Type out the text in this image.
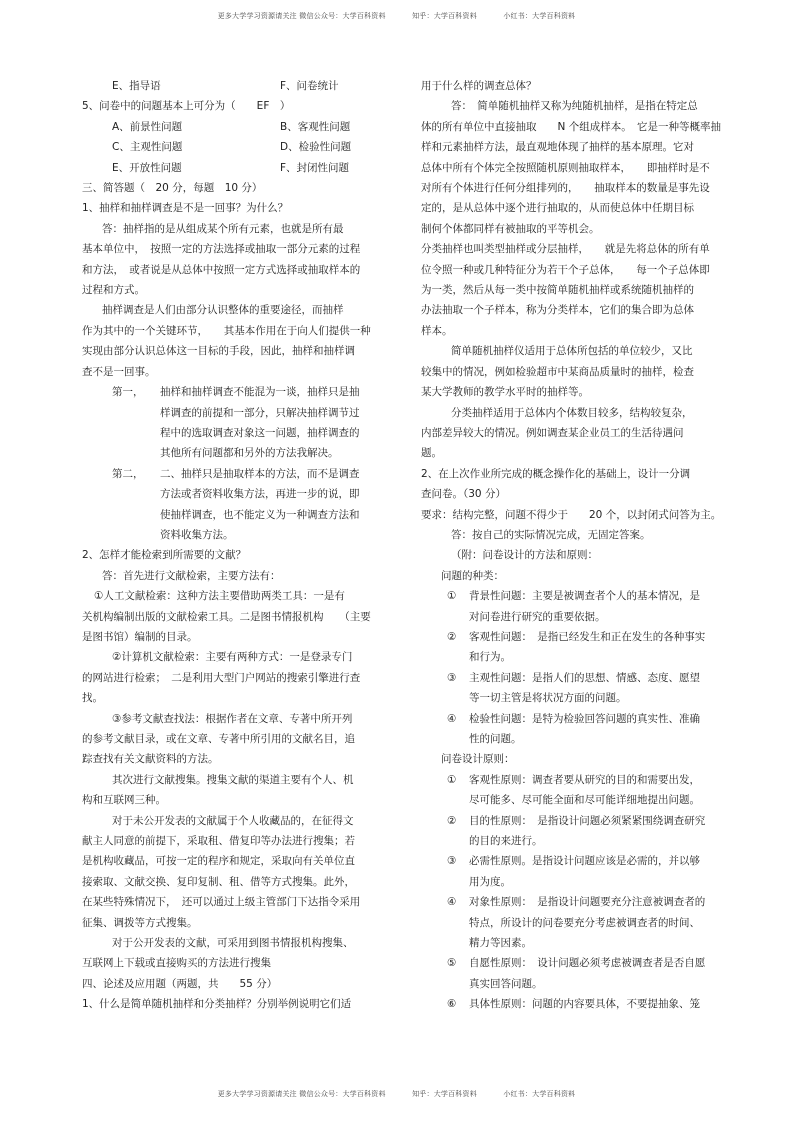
更多大学学习资源请关注 微信公众号：大学百科资料	知乎：大学百科资料	小红书：大学百科资料
E、指导语	F、问卷统计
5、问卷中的问题基本上可分为（　　EF　）
A、前景性问题	B、客观性问题
C、主观性问题	D、检验性问题
E、开放性问题	F、封闭性问题
三、简答题（　20 分，每题　10 分）
1、抽样和抽样调查是不是一回事？为什么？
答：抽样指的是从组成某个所有元素，也就是所有最
基本单位中，　按照一定的方法选择或抽取一部分元素的过程
和方法，　或者说是从总体中按照一定方式选择或抽取样本的
过程和方式。
抽样调查是人们由部分认识整体的重要途径，而抽样
作为其中的一个关键环节，　　其基本作用在于向人们提供一种
实现由部分认识总体这一目标的手段，因此，抽样和抽样调
查不是一回事。
第一，	抽样和抽样调查不能混为一谈，抽样只是抽
样调查的前提和一部分，只解决抽样调节过
程中的选取调查对象这一问题，抽样调查的
其他所有问题都和另外的方法我解决。
第二，	二、抽样只是抽取样本的方法，而不是调查
方法或者资料收集方法，再进一步的说，即
使抽样调查，也不能定义为一种调查方法和
资料收集方法。
2、怎样才能检索到所需要的文献？
答：首先进行文献检索，主要方法有：
①人工文献检索：这种方法主要借助两类工具：一是有
关机构编制出版的文献检索工具。二是图书情报机构　　（主要
是图书馆）编制的目录。
②计算机文献检索：主要有两种方式：一是登录专门
的网站进行检索；　二是利用大型门户网站的搜索引擎进行查
找。
③参考文献查找法：根据作者在文章、专著中所开列
的参考文献目录，或在文章、专著中所引用的文献名目，追
踪查找有关文献资料的方法。
其次进行文献搜集。搜集文献的渠道主要有个人、机
构和互联网三种。
对于未公开发表的文献属于个人收藏品的，在征得文
献主人同意的前提下，采取租、借复印等办法进行搜集；若
是机构收藏品，可按一定的程序和规定，采取向有关单位直
接索取、文献交换、复印复制、租、借等方式搜集。此外，
在某些特殊情况下，　还可以通过上级主管部门下达指令采用
征集、调拨等方式搜集。
对于公开发表的文献，可采用到图书情报机构搜集、
互联网上下载或直接购买的方法进行搜集
四、论述及应用题（两题，共　　55 分）
1、什么是简单随机抽样和分类抽样？分别举例说明它们适
用于什么样的调查总体？
答：　简单随机抽样又称为纯随机抽样，是指在特定总
体的所有单位中直接抽取　　N 个组成样本。　它是一种等概率抽
样和元素抽样方法，最直观地体现了抽样的基本原理。它对
总体中所有个体完全按照随机原则抽取样本，　　即抽样时是不
对所有个体进行任何分组排列的，　　抽取样本的数量是事先设
定的，是从总体中逐个进行抽取的，从而使总体中任期目标
制何个体都同样有被抽取的平等机会。
分类抽样也叫类型抽样或分层抽样，　　就是先将总体的所有单
位令照一种或几种特征分为若干个子总体，　　每一个子总体即
为一类，然后从每一类中按简单随机抽样或系统随机抽样的
办法抽取一个子样本，称为分类样本，它们的集合即为总体
样本。
简单随机抽样仪适用于总体所包括的单位较少，又比
较集中的情况，例如检验超市中某商品质量时的抽样，检查
某大学教师的教学水平时的抽样等。
分类抽样适用于总体内个体数目较多，结构较复杂，
内部差异较大的情况。例如调查某企业员工的生活待遇问
题。
2、在上次作业所完成的概念操作化的基础上，设计一分调
查问卷。（30 分）
要求：结构完整，问题不得少于　　20 个，以封闭式问答为主。
答：按自己的实际情况完成，无固定答案。
（附：问卷设计的方法和原则：
问题的种类：
①	背景性问题：主要是被调查者个人的基本情况，是
对问卷进行研究的重要依据。
②	客观性问题：　是指已经发生和正在发生的各种事实
和行为。
③	主观性问题：是指人们的思想、情感、态度、愿望
等一切主管是将状况方面的问题。
④	检验性问题：是特为检验回答问题的真实性、准确
性的问题。
问卷设计原则：
①	客观性原则：调查者要从研究的目的和需要出发，
尽可能多、尽可能全面和尽可能详细地提出问题。
②	目的性原则：　是指设计问题必须紧紧围绕调查研究
的目的来进行。
③	必需性原则。是指设计问题应该是必需的，并以够
用为度。
④	对象性原则：　是指设计问题要充分注意被调查者的
特点，所设计的问卷要充分考虑被调查者的时间、
精力等因素。
⑤	自愿性原则：　设计问题必须考虑被调查者是否自愿
真实回答问题。
⑥	具体性原则：问题的内容要具体，不要提抽象、笼
更多大学学习资源请关注 微信公众号：大学百科资料	知乎：大学百科资料	小红书：大学百科资料
